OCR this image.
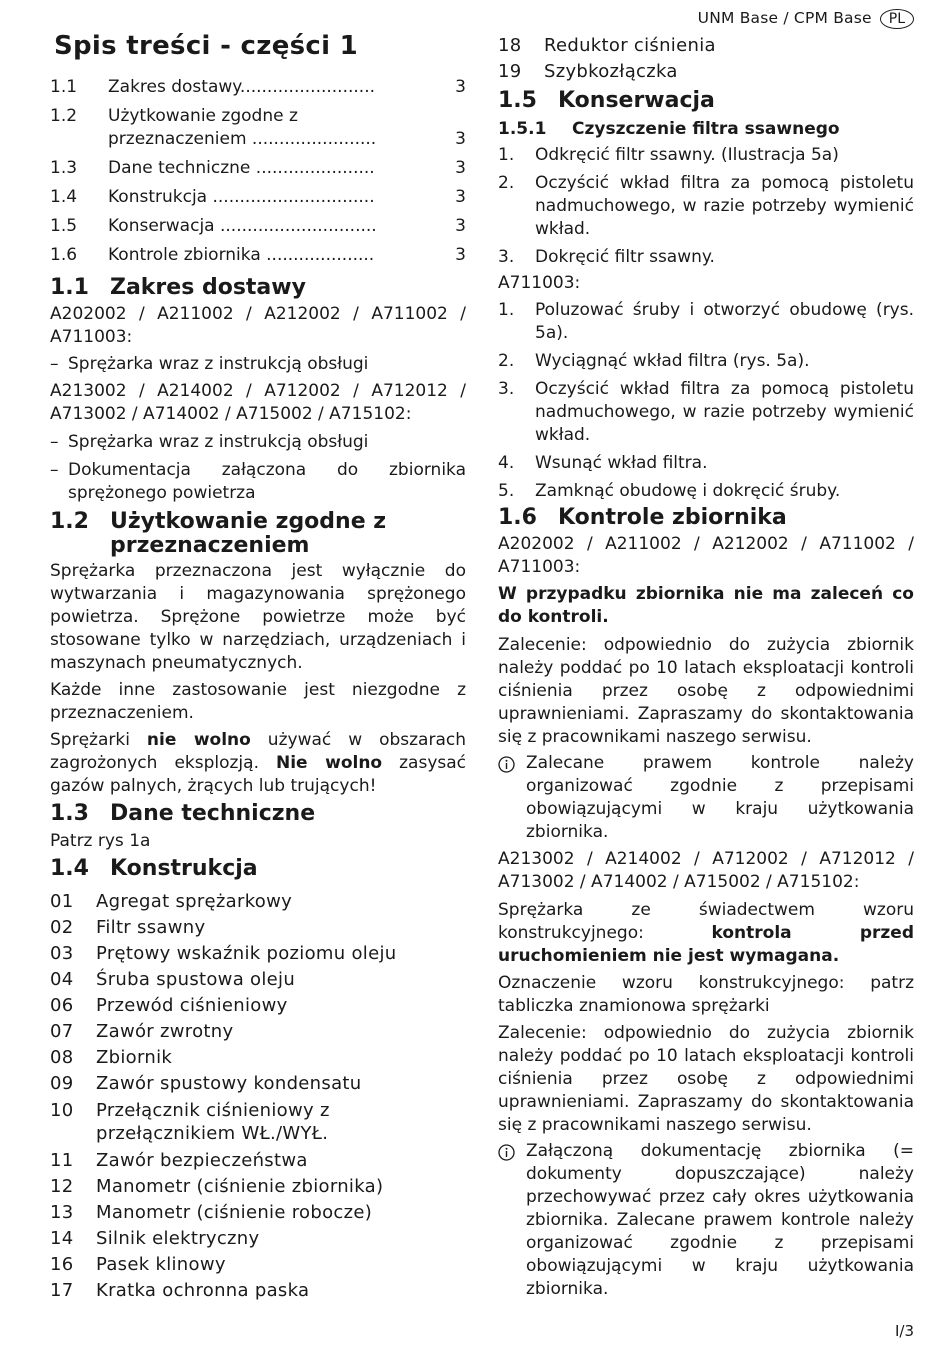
UNM Base / CPM Base	PL
Spis treści - części 1
1.1	Zakres dostawy.........................	3
1.2	Użytkowanie zgodne z przeznaczeniem .......................	3
1.3	Dane techniczne ......................	3
1.4	Konstrukcja ..............................	3
1.5	Konserwacja .............................	3
1.6	Kontrole zbiornika ....................	3
1.1 Zakres dostawy
A202002 / A211002 / A212002 / A711002 / A711003:
– Sprężarka wraz z instrukcją obsługi
A213002 / A214002 / A712002 / A712012 / A713002 / A714002 / A715002 / A715102:
– Sprężarka wraz z instrukcją obsługi
– Dokumentacja załączona do zbiornika sprężonego powietrza
1.2 Użytkowanie zgodne z przeznaczeniem
Sprężarka przeznaczona jest wyłącznie do wytwarzania i magazynowania sprężonego powietrza. Sprężone powietrze może być stosowane tylko w narzędziach, urządzeniach i maszynach pneumatycznych.
Każde inne zastosowanie jest niezgodne z przeznaczeniem.
Sprężarki nie wolno używać w obszarach zagrożonych eksplozją. Nie wolno zasysać gazów palnych, żrących lub trujących!
1.3 Dane techniczne
Patrz rys 1a
1.4 Konstrukcja
01	Agregat sprężarkowy
02	Filtr ssawny
03	Prętowy wskaźnik poziomu oleju
04	Śruba spustowa oleju
06	Przewód ciśnieniowy
07	Zawór zwrotny
08	Zbiornik
09	Zawór spustowy kondensatu
10	Przełącznik ciśnieniowy z przełącznikiem WŁ./WYŁ.
11	Zawór bezpieczeństwa
12	Manometr (ciśnienie zbiornika)
13	Manometr (ciśnienie robocze)
14	Silnik elektryczny
16	Pasek klinowy
17	Kratka ochronna paska
18	Reduktor ciśnienia
19	Szybkozłączka
1.5 Konserwacja
1.5.1	Czyszczenie filtra ssawnego
1.	Odkręcić filtr ssawny. (Ilustracja 5a)
2.	Oczyścić wkład filtra za pomocą pistoletu nadmuchowego, w razie potrzeby wymienić wkład.
3.	Dokręcić filtr ssawny.
A711003:
1.	Poluzować śruby i otworzyć obudowę (rys. 5a).
2.	Wyciągnąć wkład filtra (rys. 5a).
3.	Oczyścić wkład filtra za pomocą pistoletu nadmuchowego, w razie potrzeby wymienić wkład.
4.	Wsunąć wkład filtra.
5.	Zamknąć obudowę i dokręcić śruby.
1.6 Kontrole zbiornika
A202002 / A211002 / A212002 / A711002 / A711003:
W przypadku zbiornika nie ma zaleceń co do kontroli.
Zalecenie: odpowiednio do zużycia zbiornik należy poddać po 10 latach eksploatacji kontroli ciśnienia przez osobę z odpowiednimi uprawnieniami. Zapraszamy do skontaktowania się z pracownikami naszego serwisu.
Zalecane prawem kontrole należy organizować zgodnie z przepisami obowiązującymi w kraju użytkowania zbiornika.
A213002 / A214002 / A712002 / A712012 / A713002 / A714002 / A715002 / A715102:
Sprężarka ze świadectwem wzoru konstrukcyjnego: kontrola przed uruchomieniem nie jest wymagana.
Oznaczenie wzoru konstrukcyjnego: patrz tabliczka znamionowa sprężarki
Zalecenie: odpowiednio do zużycia zbiornik należy poddać po 10 latach eksploatacji kontroli ciśnienia przez osobę z odpowiednimi uprawnieniami. Zapraszamy do skontaktowania się z pracownikami naszego serwisu.
Załączoną dokumentację zbiornika (= dokumenty dopuszczające) należy przechowywać przez cały okres użytkowania zbiornika. Zalecane prawem kontrole należy organizować zgodnie z przepisami obowiązującymi w kraju użytkowania zbiornika.
I/3
